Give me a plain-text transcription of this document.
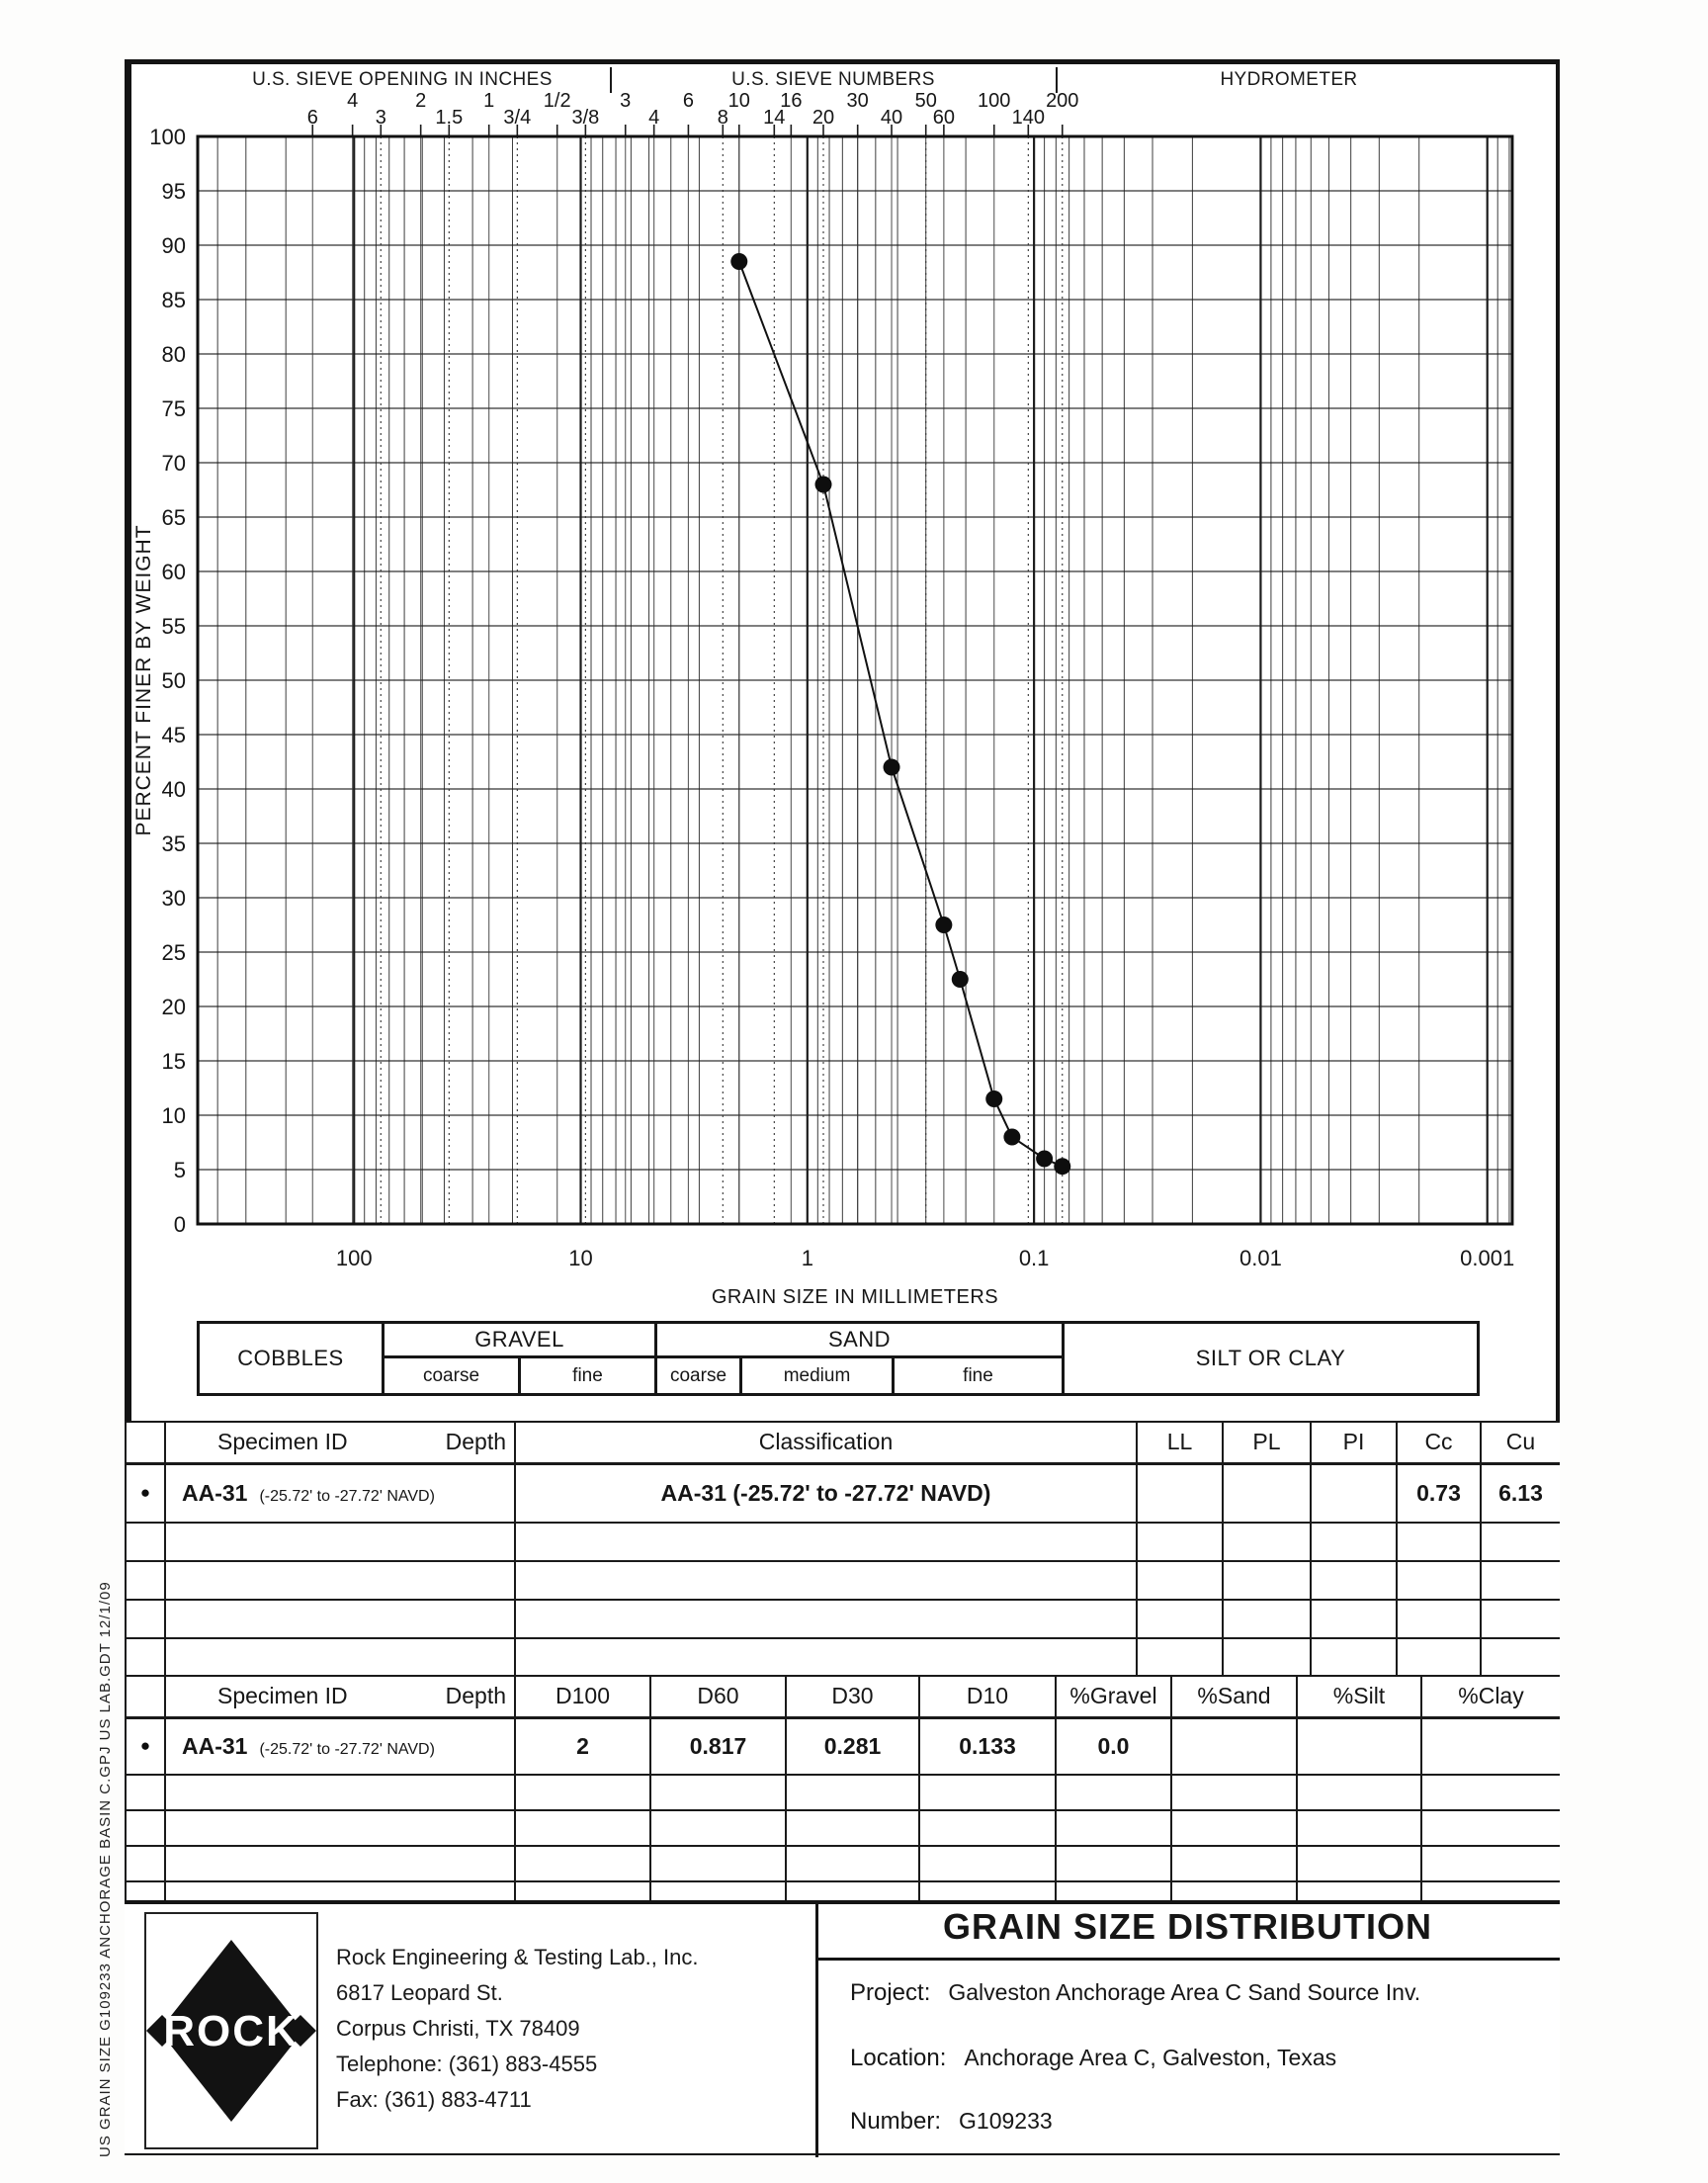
US GRAIN SIZE G109233 ANCHORAGE BASIN C.GPJ US LAB.GDT 12/1/09
U.S. SIEVE OPENING IN INCHES	U.S. SIEVE NUMBERS	HYDROMETER
6
4
3
2
1.5
1
3/4
1/2
3/8
3
4
6
8
10
14
16
20
30
40
50
60
100
140
200
0
5
10
15
20
25
30
35
40
45
50
55
60
65
70
75
80
85
90
95
100
PERCENT FINER BY WEIGHT
100	10	1	0.1	0.01	0.001
GRAIN SIZE IN MILLIMETERS
COBBLES
GRAVEL
coarse	fine
SAND
coarse	medium	fine
SILT OR CLAY

	Specimen ID Depth	Classification	LL	PL	PI	Cc	Cu
●	AA-31 (-25.72' to -27.72' NAVD)	AA-31 (-25.72' to -27.72' NAVD)				0.73	6.13

	Specimen ID Depth	D100	D60	D30	D10	%Gravel	%Sand	%Silt	%Clay
●	AA-31 (-25.72' to -27.72' NAVD)	2	0.817	0.281	0.133	0.0			

ROCK
Rock Engineering & Testing Lab., Inc.
6817 Leopard St.
Corpus Christi, TX 78409
Telephone: (361) 883-4555
Fax: (361) 883-4711
GRAIN SIZE DISTRIBUTION
Project: Galveston Anchorage Area C Sand Source Inv.
Location: Anchorage Area C, Galveston, Texas
Number: G109233
